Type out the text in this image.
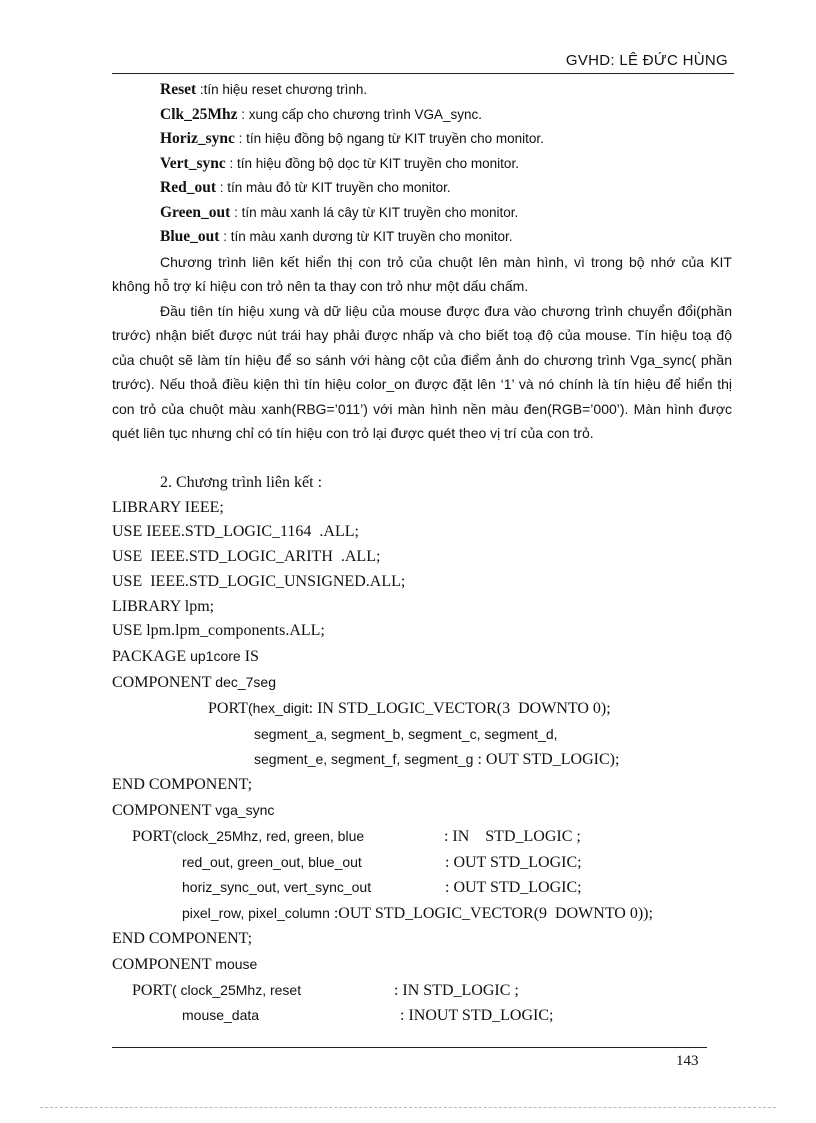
GVHD: LÊ ĐỨC HÙNG
Reset :tín hiệu reset chương trình.
Clk_25Mhz : xung cấp cho chương trình VGA_sync.
Horiz_sync : tín hiệu đồng bộ ngang từ KIT truyền cho monitor.
Vert_sync : tín hiệu đồng bộ dọc từ KIT truyền cho monitor.
Red_out : tín màu đỏ từ KIT truyền cho monitor.
Green_out : tín màu xanh lá cây từ KIT truyền cho monitor.
Blue_out : tín màu xanh dương từ KIT truyền cho monitor.

Chương trình liên kết hiển thị con trỏ của chuột lên màn hình, vì trong bộ nhớ của KIT không hỗ trợ kí hiệu con trỏ nên ta thay con trỏ như một dấu chấm.

Đầu tiên tín hiệu xung và dữ liệu của mouse được đưa vào chương trình chuyển đổi(phần trước) nhận biết được nút trái hay phải được nhấp và cho biết toạ độ của mouse. Tín hiệu toạ độ của chuột sẽ làm tín hiệu để so sánh với hàng cột của điểm ảnh do chương trình Vga_sync( phần trước). Nếu thoả điều kiện thì tín hiệu color_on được đặt lên ‘1’ và nó chính là tín hiệu để hiển thị con trỏ của chuột màu xanh(RBG=’011’) với màn hình nền màu đen(RGB=’000’). Màn hình được quét liên tục nhưng chỉ có tín hiệu con trỏ lại được quét theo vị trí của con trỏ.

2. Chương trình liên kết :
LIBRARY IEEE;
USE IEEE.STD_LOGIC_1164  .ALL;
USE  IEEE.STD_LOGIC_ARITH  .ALL;
USE  IEEE.STD_LOGIC_UNSIGNED.ALL;
LIBRARY lpm;
USE lpm.lpm_components.ALL;
PACKAGE up1core IS
COMPONENT dec_7seg
PORT(hex_digit: IN STD_LOGIC_VECTOR(3  DOWNTO 0);
segment_a, segment_b, segment_c, segment_d,
segment_e, segment_f, segment_g : OUT STD_LOGIC);
END COMPONENT;
COMPONENT vga_sync
PORT(clock_25Mhz, red, green, blue	: IN    STD_LOGIC ;
red_out, green_out, blue_out	: OUT STD_LOGIC;
horiz_sync_out, vert_sync_out	: OUT STD_LOGIC;
pixel_row, pixel_column :OUT STD_LOGIC_VECTOR(9  DOWNTO 0));
END COMPONENT;
COMPONENT mouse
PORT( clock_25Mhz, reset	: IN STD_LOGIC ;
mouse_data	: INOUT STD_LOGIC;
143
